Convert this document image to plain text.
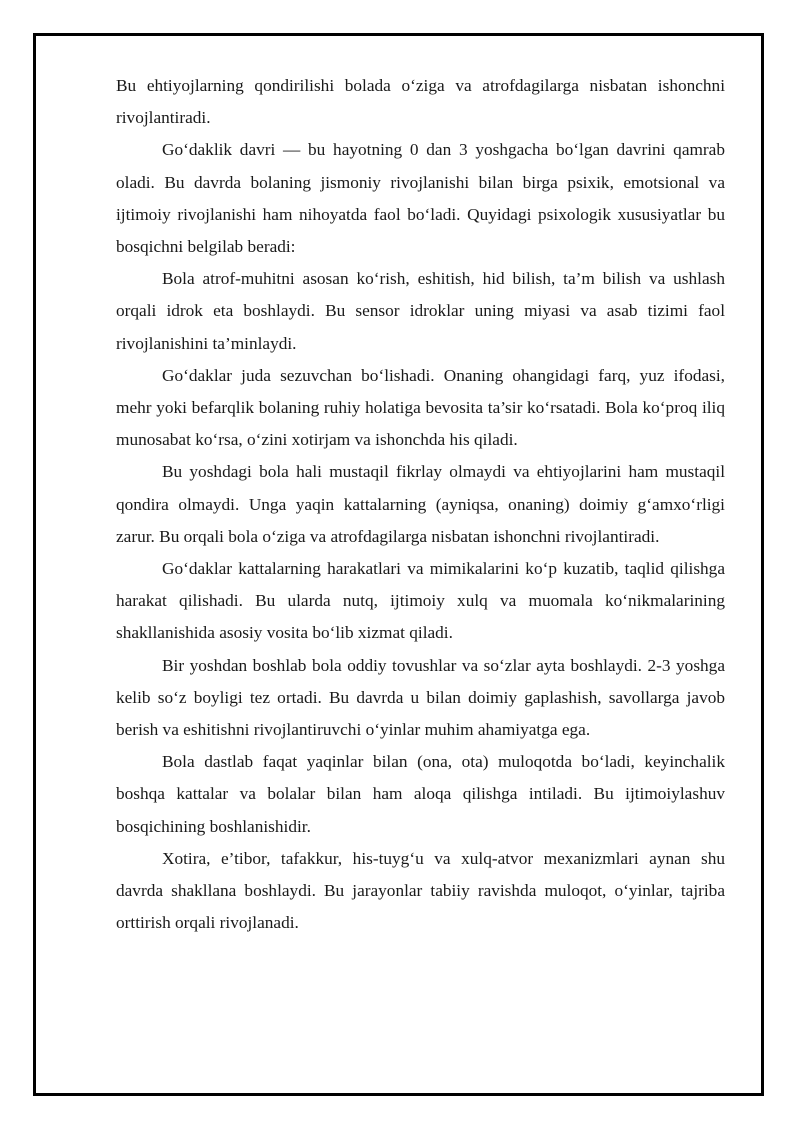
Bu ehtiyojlarning qondirilishi bolada o‘ziga va atrofdagilarga nisbatan ishonchni rivojlantiradi.

Go‘daklik davri — bu hayotning 0 dan 3 yoshgacha bo‘lgan davrini qamrab oladi. Bu davrda bolaning jismoniy rivojlanishi bilan birga psixik, emotsional va ijtimoiy rivojlanishi ham nihoyatda faol bo‘ladi. Quyidagi psixologik xususiyatlar bu bosqichni belgilab beradi:

Bola atrof-muhitni asosan ko‘rish, eshitish, hid bilish, ta’m bilish va ushlash orqali idrok eta boshlaydi. Bu sensor idroklar uning miyasi va asab tizimi faol rivojlanishini ta’minlaydi.

Go‘daklar juda sezuvchan bo‘lishadi. Onaning ohangidagi farq, yuz ifodasi, mehr yoki befarqlik bolaning ruhiy holatiga bevosita ta’sir ko‘rsatadi. Bola ko‘proq iliq munosabat ko‘rsa, o‘zini xotirjam va ishonchda his qiladi.

Bu yoshdagi bola hali mustaqil fikrlay olmaydi va ehtiyojlarini ham mustaqil qondira olmaydi. Unga yaqin kattalarning (ayniqsa, onaning) doimiy g‘amxo‘rligi zarur. Bu orqali bola o‘ziga va atrofdagilarga nisbatan ishonchni rivojlantiradi.

Go‘daklar kattalarning harakatlari va mimikalarini ko‘p kuzatib, taqlid qilishga harakat qilishadi. Bu ularda nutq, ijtimoiy xulq va muomala ko‘nikmalarining shakllanishida asosiy vosita bo‘lib xizmat qiladi.

Bir yoshdan boshlab bola oddiy tovushlar va so‘zlar ayta boshlaydi. 2-3 yoshga kelib so‘z boyligi tez ortadi. Bu davrda u bilan doimiy gaplashish, savollarga javob berish va eshitishni rivojlantiruvchi o‘yinlar muhim ahamiyatga ega.

Bola dastlab faqat yaqinlar bilan (ona, ota) muloqotda bo‘ladi, keyinchalik boshqa kattalar va bolalar bilan ham aloqa qilishga intiladi. Bu ijtimoiylashuv bosqichining boshlanishidir.

Xotira, e’tibor, tafakkur, his-tuyg‘u va xulq-atvor mexanizmlari aynan shu davrda shakllana boshlaydi. Bu jarayonlar tabiiy ravishda muloqot, o‘yinlar, tajriba orttirish orqali rivojlanadi.
